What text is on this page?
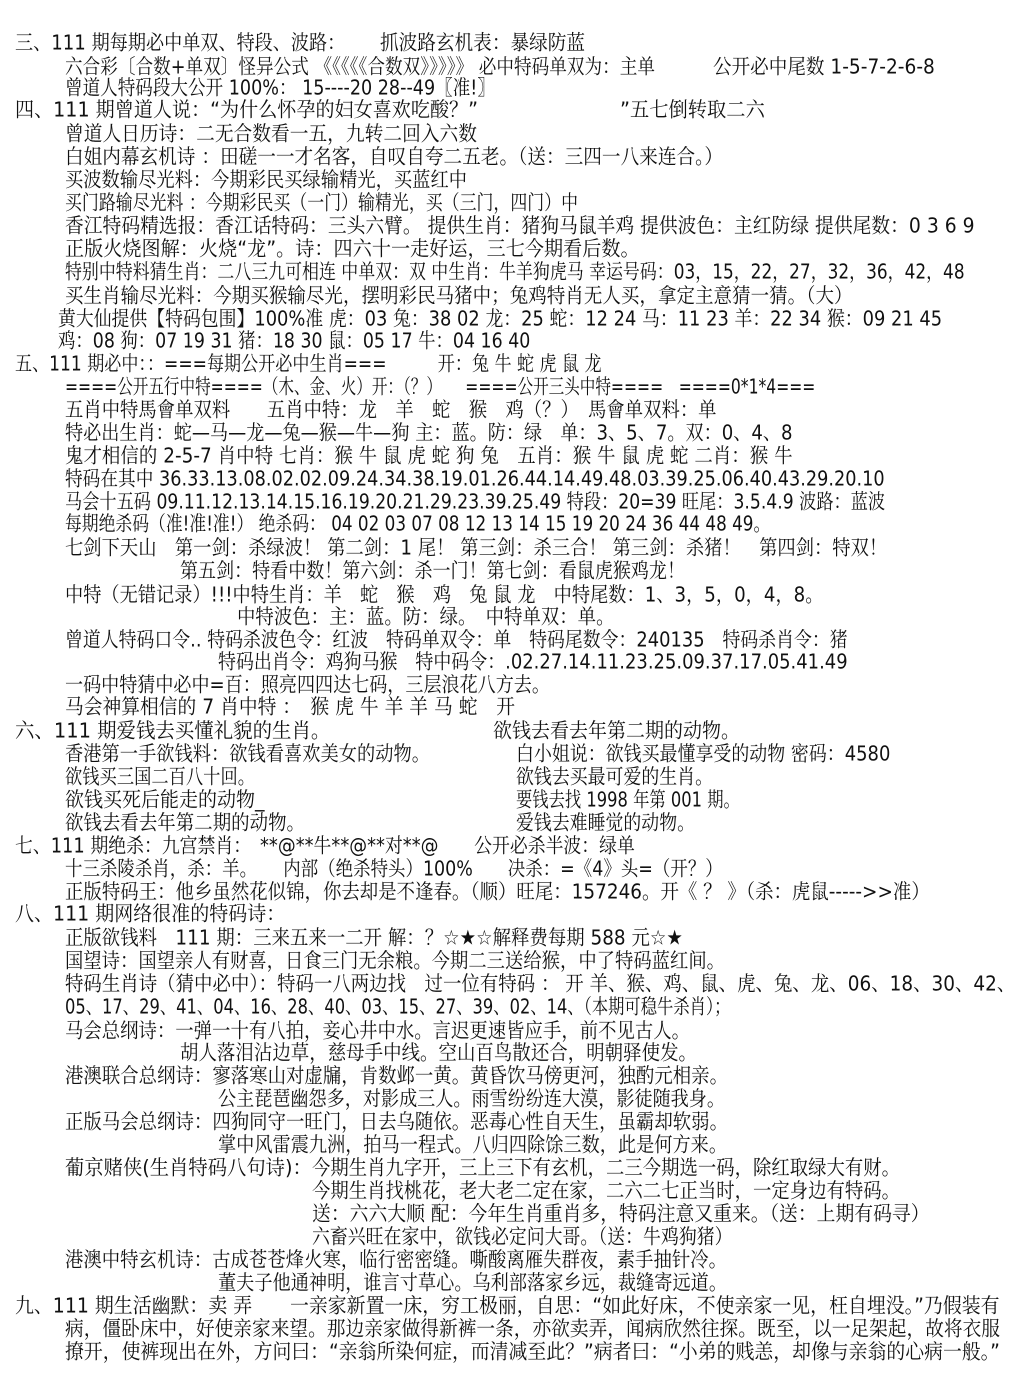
三、111 期每期必中单双、特段、波路： 抓波路玄机表：暴绿防蓝
六合彩〔合数+单双〕怪异公式 《《《《《合数双》》》》》 必中特码单双为：主单	公开必中尾数 1-5-7-2-6-8
曾道人特码段大公开 100%： 15----20 28--49〖准!〗
四、111 期曾道人说：“为什么怀孕的妇女喜欢吃酸？”	”五七倒转取二六
曾道人日历诗：二无合数看一五，九转二回入六数
白姐内幕玄机诗 ：田磋一一才名客，自叹自夸二五老。（送：三四一八来连合。）
买波数输尽光料：今期彩民买绿输精光，买蓝红中
买门路输尽光料 ：今期彩民买（一门）输精光，买（三门，四门）中
香江特码精选报：香江话特码：三头六臂。 提供生肖：猪狗马鼠羊鸡 提供波色：主红防绿 提供尾数：0 3 6 9
正版火烧图解：火烧“龙”。诗：四六十一走好运，三七今期看后数。
特别中特料猜生肖：二八三九可相连 中单双：双 中生肖：牛羊狗虎马 幸运号码：03，15，22，27，32，36，42，48
买生肖输尽光料：今期买猴输尽光，摆明彩民马猪中；兔鸡特肖无人买，拿定主意猜一猜。（大）
黄大仙提供【特码包围】100%准 虎：03 兔：38 02 龙：25 蛇：12 24 马：11 23 羊：22 34 猴：09 21 45
鸡：08 狗：07 19 31 猪：18 30 鼠：05 17 牛：04 16 40
五、111 期必中：：===每期公开必中生肖===　　　开：兔 牛 蛇 虎 鼠 龙
====公开五行中特====（木、金、火）开：（？）　　====公开三头中特====　====0*1*4===
五肖中特馬會单双料　　五肖中特：龙　羊　蛇　猴　鸡（？）　馬會单双料：单
特必出生肖：蛇—马—龙—兔—猴—牛—狗 主：蓝。防：绿　单：3、5、7。双：0、4、8
鬼才相信的 2-5-7 肖中特 七肖：猴 牛 鼠 虎 蛇 狗 兔　五肖：猴 牛 鼠 虎 蛇 二肖：猴 牛
特码在其中 36.33.13.08.02.02.09.24.34.38.19.01.26.44.14.49.48.03.39.25.06.40.43.29.20.10
马会十五码 09.11.12.13.14.15.16.19.20.21.29.23.39.25.49 特段：20=39 旺尾：3.5.4.9 波路：蓝波
每期绝杀码（准!准!准!） 绝杀码： 04 02 03 07 08 12 13 14 15 19 20 24 36 44 48 49。
七剑下天山　第一剑：杀绿波！ 第二剑：1 尾！ 第三剑：杀三合！ 第三剑：杀猪！　第四剑：特双！
第五剑：特看中数！第六剑：杀一门！第七剑：看鼠虎猴鸡龙！
中特（无错记录）!!!中特生肖：羊　蛇　猴　鸡　兔 鼠 龙　中特尾数：1、3，5，0，4，8。
中特波色：主：蓝。防：绿。　中特单双：单。
曾道人特码口令.. 特码杀波色令：红波　特码单双令：单　特码尾数令：240135　特码杀肖令：猪
特码出肖令：鸡狗马猴　特中码令：.02.27.14.11.23.25.09.37.17.05.41.49
一码中特猜中必中=百：照亮四四达七码，三层浪花八方去。
马会神算相信的 7 肖中特 ：　猴 虎 牛 羊 羊 马 蛇　开
六、111 期爱钱去买懂礼貌的生肖。	欲钱去看去年第二期的动物。
香港第一手欲钱料：欲钱看喜欢美女的动物。	白小姐说：欲钱买最懂享受的动物 密码：4580
欲钱买三国二百八十回。	欲钱去买最可爱的生肖。
欲钱买死后能走的动物_	要钱去找 1998 年第 001 期。
欲钱去看去年第二期的动物。	爱钱去难睡觉的动物。
七、111 期绝杀：九宫禁肖：　**@**牛**@**对**@　　公开必杀半波：绿单
十三杀陵杀肖，杀：羊。　　内部（绝杀特头）100%　　决杀：=《4》头=（开？）
正版特码王：他乡虽然花似锦，你去却是不逢春。（顺）旺尾：157246。开《 ？ 》（杀：虎鼠----->>准）
八、111 期网络很准的特码诗：
正版欲钱料　111 期：三来五来一二开 解：？☆★☆解释费每期 588 元☆★
国望诗：国望亲人有财喜，日食三门无余粮。今期二三送给猴，中了特码蓝红间。
特码生肖诗（猜中必中）：特码一八两边找　过一位有特码 ： 开 羊、猴、鸡、鼠、虎、兔、龙、06、18、30、42、
05、17、29、41、04、16、28、40、03、15、27、39、02、14、（本期可稳牛杀肖）；
马会总纲诗：一弹一十有八拍，妾心井中水。言迟更速皆应手，前不见古人。
胡人落泪沾边草，慈母手中线。空山百鸟散还合，明朝驿使发。
港澳联合总纲诗：寥落寒山对虚牖，肯数邺一黄。黄昏饮马傍更河，独酌元相亲。
公主琵琶幽怨多，对影成三人。雨雪纷纷连大漠，影徒随我身。
正版马会总纲诗：四狗同守一旺门，日去乌随依。恶毒心性自天生，虽霸却软弱。
掌中风雷震九洲，拍马一程式。八归四除馀三数，此是何方来。
葡京赌侠(生肖特码八句诗)： 今期生肖九字开，三上三下有玄机，二三今期选一码，除红取绿大有财。
今期生肖找桃花，老大老二定在家，二六二七正当时，一定身边有特码。
送：六六大顺 配：今年生肖重肖多，特码注意又重来。（送：上期有码寻）
六畜兴旺在家中，欲钱必定问大哥。（送：牛鸡狗猪）
港澳中特玄机诗：古成苍苍烽火寒，临行密密缝。嘶酸离雁失群夜，素手抽针冷。
董夫子他通神明，谁言寸草心。乌利部落家乡远，裁缝寄远道。
九、111 期生活幽默：卖 弄　　一亲家新置一床，穷工极丽，自思：“如此好床，不使亲家一见，枉自埋没。”乃假装有
病，僵卧床中，好使亲家来望。那边亲家做得新裤一条，亦欲卖弄，闻病欣然往探。既至，以一足架起，故将衣服
撩开，使裤现出在外，方问曰：“亲翁所染何症，而清减至此？”病者曰：“小弟的贱恙，却像与亲翁的心病一般。”
